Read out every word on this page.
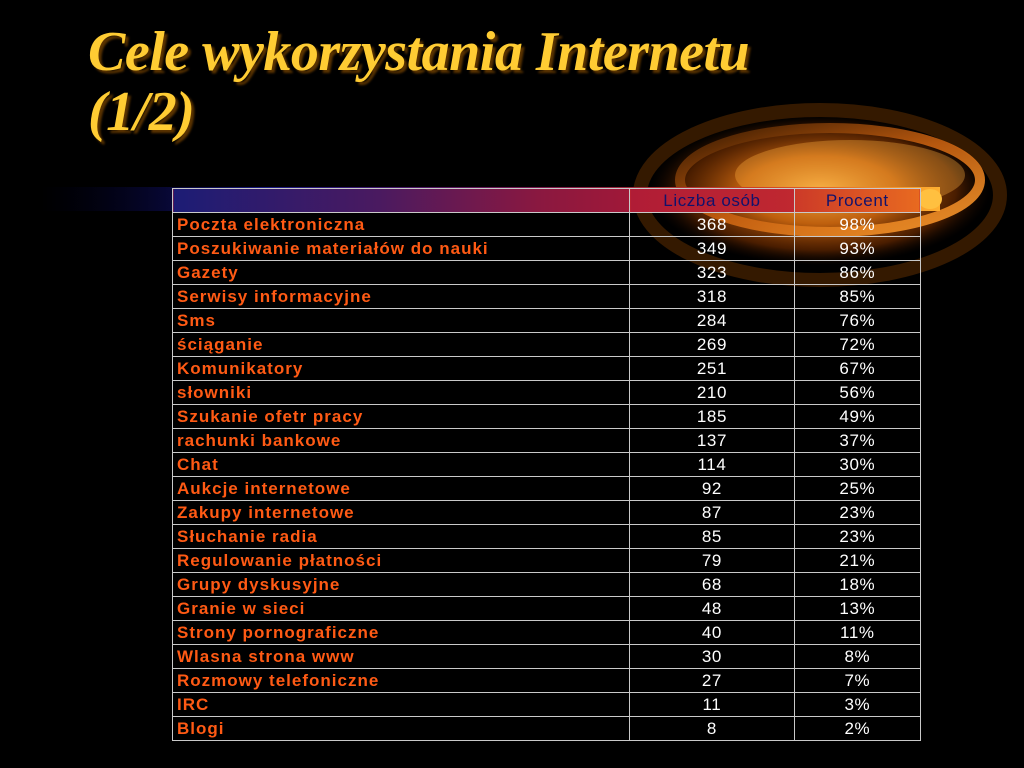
Cele wykorzystania Internetu
(1/2)
	Liczba osób	Procent
Poczta elektroniczna	368	98%
Poszukiwanie materiałów do nauki	349	93%
Gazety	323	86%
Serwisy informacyjne	318	85%
Sms	284	76%
ściąganie	269	72%
Komunikatory	251	67%
słowniki	210	56%
Szukanie ofetr pracy	185	49%
rachunki bankowe	137	37%
Chat	114	30%
Aukcje internetowe	92	25%
Zakupy internetowe	87	23%
Słuchanie radia	85	23%
Regulowanie płatności	79	21%
Grupy dyskusyjne	68	18%
Granie w sieci	48	13%
Strony pornograficzne	40	11%
Wlasna strona www	30	8%
Rozmowy telefoniczne	27	7%
IRC	11	3%
Blogi	8	2%
